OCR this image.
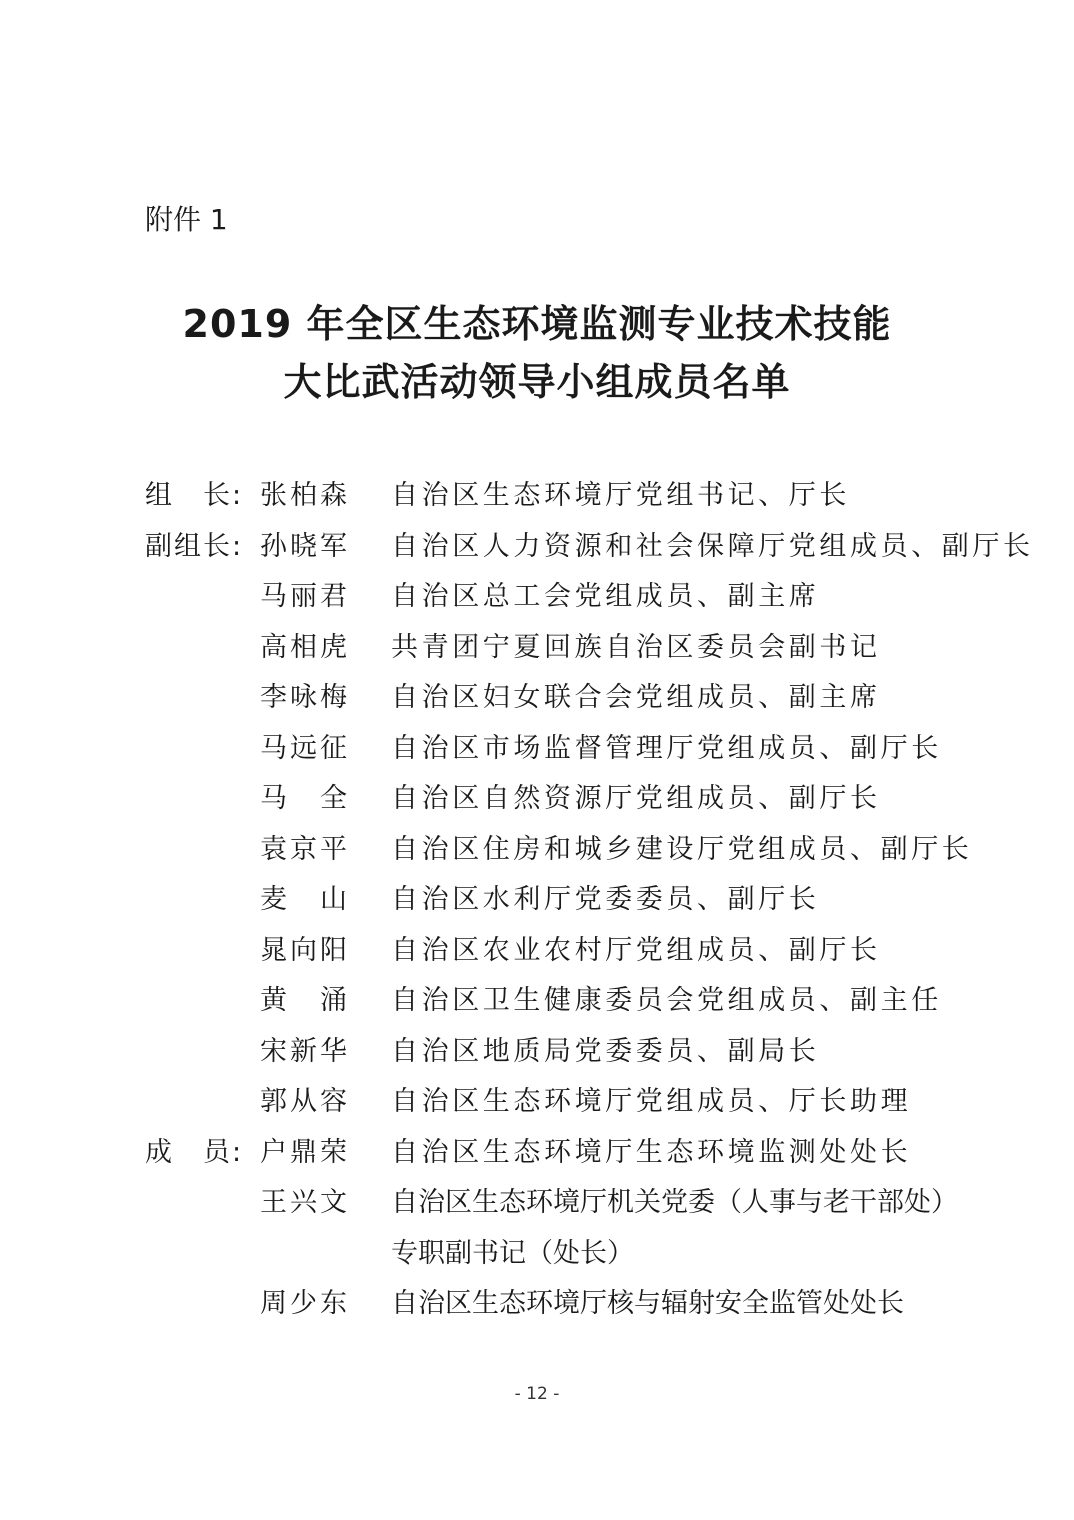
附件 1

2019 年全区生态环境监测专业技术技能
大比武活动领导小组成员名单
组　长: 张柏森	自治区生态环境厅党组书记、厅长
副组长: 孙晓军	自治区人力资源和社会保障厅党组成员、副厅长
马丽君	自治区总工会党组成员、副主席
高相虎	共青团宁夏回族自治区委员会副书记
李咏梅	自治区妇女联合会党组成员、副主席
马远征	自治区市场监督管理厅党组成员、副厅长
马　全	自治区自然资源厅党组成员、副厅长
袁京平	自治区住房和城乡建设厅党组成员、副厅长
麦　山	自治区水利厅党委委员、副厅长
晁向阳	自治区农业农村厅党组成员、副厅长
黄　涌	自治区卫生健康委员会党组成员、副主任
宋新华	自治区地质局党委委员、副局长
郭从容	自治区生态环境厅党组成员、厅长助理
成　员: 户鼎荣	自治区生态环境厅生态环境监测处处长
王兴文	自治区生态环境厅机关党委（人事与老干部处）
专职副书记（处长）
周少东	自治区生态环境厅核与辐射安全监管处处长

- 12 -
